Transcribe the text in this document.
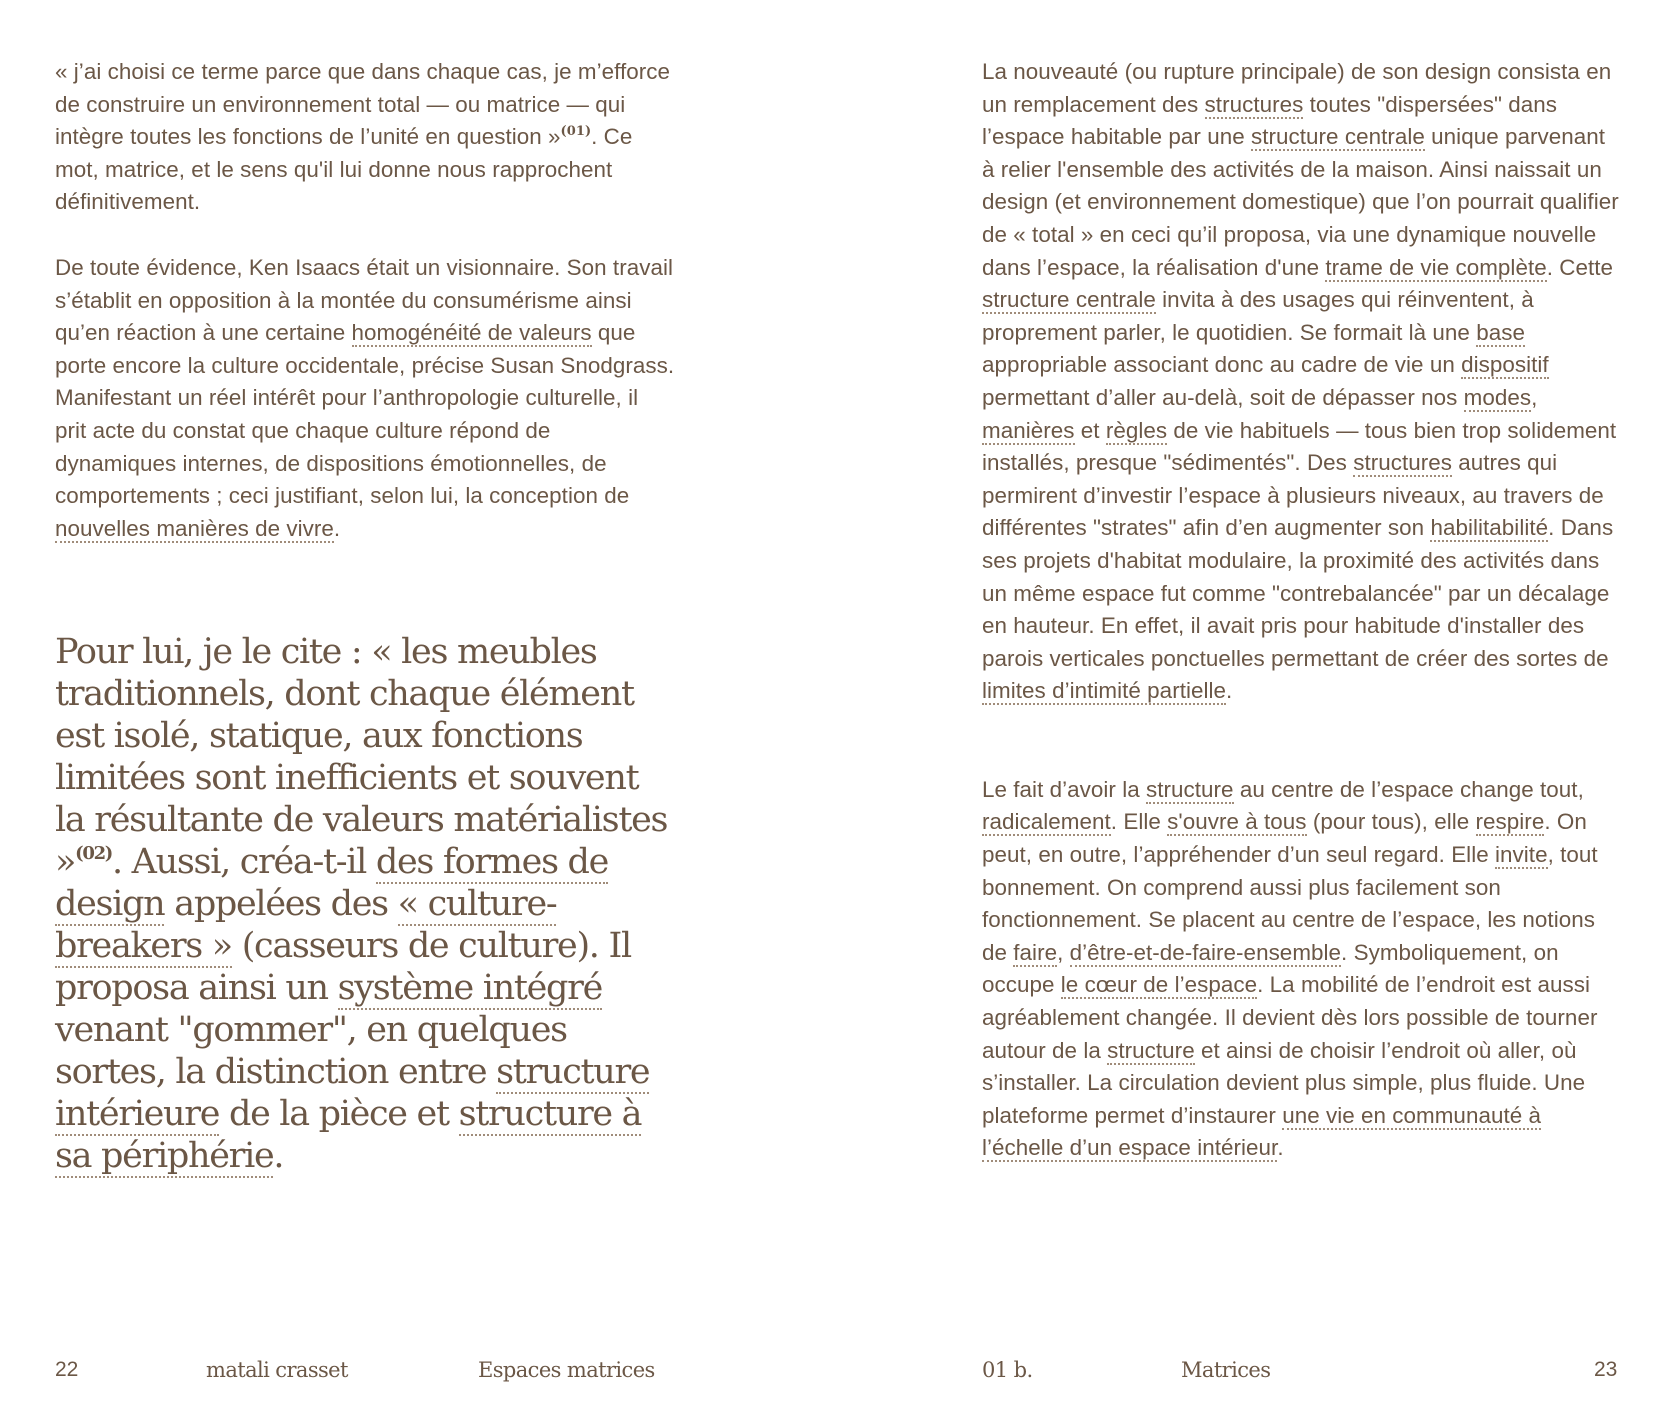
« j’ai choisi ce terme parce que dans chaque cas, je m’efforce de construire un environnement total — ou matrice — qui intègre toutes les fonctions de l’unité en question »$^{(01)}$. Ce mot, matrice, et le sens qu'il lui donne nous rapprochent définitivement.

De toute évidence, Ken Isaacs était un visionnaire. Son travail s’établit en opposition à la montée du consumérisme ainsi qu’en réaction à une certaine homogénéité de valeurs que porte encore la culture occidentale, précise Susan Snodgrass. Manifestant un réel intérêt pour l’anthropologie culturelle, il prit acte du constat que chaque culture répond de dynamiques internes, de dispositions émotionnelles, de comportements ; ceci justifiant, selon lui, la conception de nouvelles manières de vivre.

Pour lui, je le cite : « les meubles traditionnels, dont chaque élément est isolé, statique, aux fonctions limitées sont inefficients et souvent la résultante de valeurs matérialistes »$^{(02)}$. Aussi, créa-t-il des formes de design appelées des « culture-breakers » (casseurs de culture). Il proposa ainsi un système intégré venant "gommer", en quelques sortes, la distinction entre structure intérieure de la pièce et structure à sa périphérie.

22	matali crasset	Espaces matrices

La nouveauté (ou rupture principale) de son design consista en un remplacement des structures toutes "dispersées" dans l’espace habitable par une structure centrale unique parvenant à relier l'ensemble des activités de la maison. Ainsi naissait un design (et environnement domestique) que l’on pourrait qualifier de « total » en ceci qu’il proposa, via une dynamique nouvelle dans l’espace, la réalisation d'une trame de vie complète. Cette structure centrale invita à des usages qui réinventent, à proprement parler, le quotidien. Se formait là une base appropriable associant donc au cadre de vie un dispositif permettant d’aller au-delà, soit de dépasser nos modes, manières et règles de vie habituels — tous bien trop solidement installés, presque "sédimentés". Des structures autres qui permirent d’investir l’espace à plusieurs niveaux, au travers de différentes "strates" afin d’en augmenter son habilitabilité. Dans ses projets d'habitat modulaire, la proximité des activités dans un même espace fut comme "contrebalancée" par un décalage en hauteur. En effet, il avait pris pour habitude d'installer des parois verticales ponctuelles permettant de créer des sortes de limites d’intimité partielle.

Le fait d’avoir la structure au centre de l’espace change tout, radicalement. Elle s'ouvre à tous (pour tous), elle respire. On peut, en outre, l’appréhender d’un seul regard. Elle invite, tout bonnement. On comprend aussi plus facilement son fonctionnement. Se placent au centre de l’espace, les notions de faire, d’être-et-de-faire-ensemble. Symboliquement, on occupe le cœur de l’espace. La mobilité de l’endroit est aussi agréablement changée. Il devient dès lors possible de tourner autour de la structure et ainsi de choisir l’endroit où aller, où s’installer. La circulation devient plus simple, plus fluide. Une plateforme permet d’instaurer une vie en communauté à l’échelle d’un espace intérieur.

01 b.	Matrices	23
